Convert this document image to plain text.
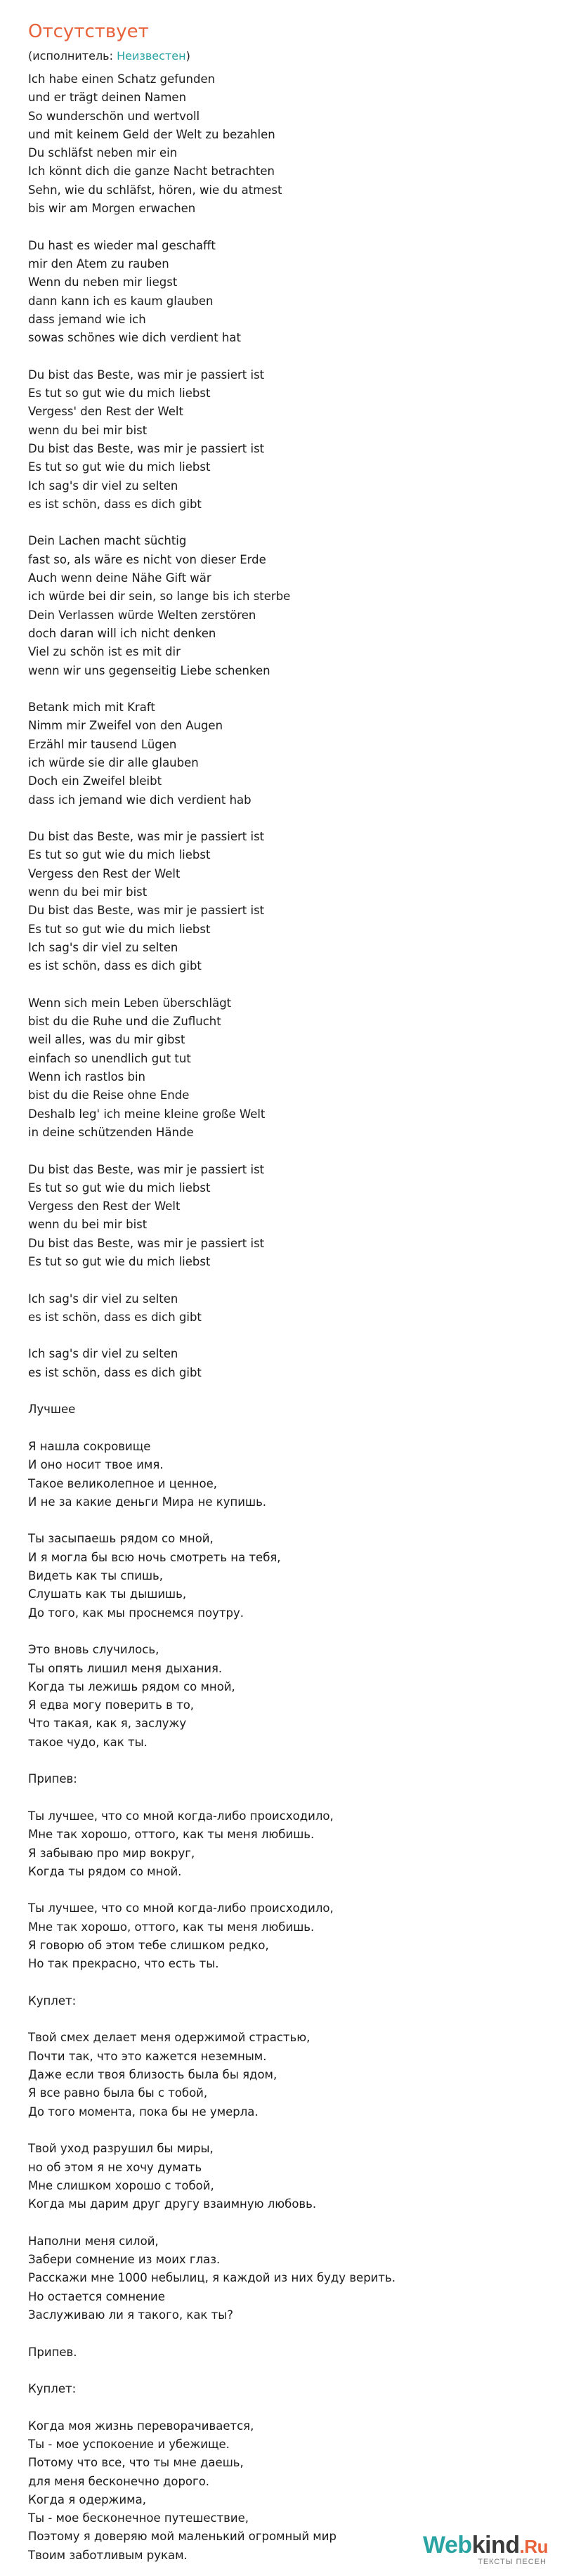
Отсутствует
(исполнитель: Неизвестен)
Ich habe einen Schatz gefunden
und er trägt deinen Namen
So wunderschön und wertvoll
und mit keinem Geld der Welt zu bezahlen
Du schläfst neben mir ein
Ich könnt dich die ganze Nacht betrachten
Sehn, wie du schläfst, hören, wie du atmest
bis wir am Morgen erwachen

Du hast es wieder mal geschafft
mir den Atem zu rauben
Wenn du neben mir liegst
dann kann ich es kaum glauben
dass jemand wie ich
sowas schönes wie dich verdient hat

Du bist das Beste, was mir je passiert ist
Es tut so gut wie du mich liebst
Vergess' den Rest der Welt
wenn du bei mir bist
Du bist das Beste, was mir je passiert ist
Es tut so gut wie du mich liebst
Ich sag's dir viel zu selten
es ist schön, dass es dich gibt

Dein Lachen macht süchtig
fast so, als wäre es nicht von dieser Erde
Auch wenn deine Nähe Gift wär
ich würde bei dir sein, so lange bis ich sterbe
Dein Verlassen würde Welten zerstören
doch daran will ich nicht denken
Viel zu schön ist es mit dir
wenn wir uns gegenseitig Liebe schenken

Betank mich mit Kraft
Nimm mir Zweifel von den Augen
Erzähl mir tausend Lügen
ich würde sie dir alle glauben
Doch ein Zweifel bleibt
dass ich jemand wie dich verdient hab

Du bist das Beste, was mir je passiert ist
Es tut so gut wie du mich liebst
Vergess den Rest der Welt
wenn du bei mir bist
Du bist das Beste, was mir je passiert ist
Es tut so gut wie du mich liebst
Ich sag's dir viel zu selten
es ist schön, dass es dich gibt

Wenn sich mein Leben überschlägt
bist du die Ruhe und die Zuflucht
weil alles, was du mir gibst
einfach so unendlich gut tut
Wenn ich rastlos bin
bist du die Reise ohne Ende
Deshalb leg' ich meine kleine große Welt
in deine schützenden Hände

Du bist das Beste, was mir je passiert ist
Es tut so gut wie du mich liebst
Vergess den Rest der Welt
wenn du bei mir bist
Du bist das Beste, was mir je passiert ist
Es tut so gut wie du mich liebst

Ich sag's dir viel zu selten
es ist schön, dass es dich gibt

Ich sag's dir viel zu selten
es ist schön, dass es dich gibt

Лучшее

Я нашла сокровище
И оно носит твое имя.
Такое великолепное и ценное,
И не за какие деньги Мира не купишь.

Ты засыпаешь рядом со мной,
И я могла бы всю ночь смотреть на тебя,
Видеть как ты спишь,
Слушать как ты дышишь,
До того, как мы проснемся поутру.

Это вновь случилось,
Ты опять лишил меня дыхания.
Когда ты лежишь рядом со мной,
Я едва могу поверить в то,
Что такая, как я, заслужу
такое чудо, как ты.

Припев:

Ты лучшее, что со мной когда-либо происходило,
Мне так хорошо, оттого, как ты меня любишь.
Я забываю про мир вокруг,
Когда ты рядом со мной.

Ты лучшее, что со мной когда-либо происходило,
Мне так хорошо, оттого, как ты меня любишь.
Я говорю об этом тебе слишком редко,
Но так прекрасно, что есть ты.

Куплет:

Твой смех делает меня одержимой страстью,
Почти так, что это кажется неземным.
Даже если твоя близость была бы ядом,
Я все равно была бы с тобой,
До того момента, пока бы не умерла.

Твой уход разрушил бы миры,
но об этом я не хочу думать
Мне слишком хорошо с тобой,
Когда мы дарим друг другу взаимную любовь.

Наполни меня силой,
Забери сомнение из моих глаз.
Расскажи мне 1000 небылиц, я каждой из них буду верить.
Но остается сомнение
Заслуживаю ли я такого, как ты?

Припев.

Куплет:

Когда моя жизнь переворачивается,
Ты - мое успокоение и убежище.
Потому что все, что ты мне даешь,
для меня бесконечно дорого.
Когда я одержима,
Ты - мое бесконечное путешествие,
Поэтому я доверяю мой маленький огромный мир
Твоим заботливым рукам.	Webkind.Ru
ТЕКСТЫ ПЕСЕН
